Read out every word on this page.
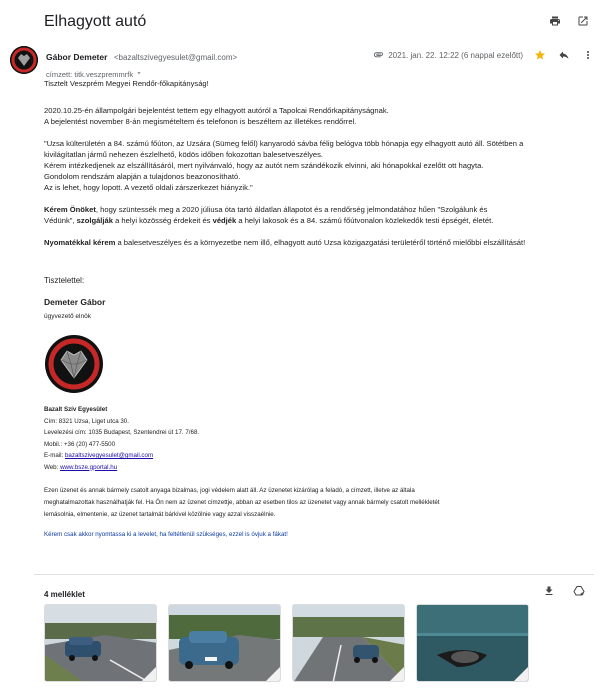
Elhagyott autó
Gábor Demeter <bazaltszivegyesulet@gmail.com>
címzett: titk.veszpremmrfk
2021. jan. 22. 12:22 (6 nappal ezelőtt)

Tisztelt Veszprém Megyei Rendőr-főkapitányság!

2020.10.25-én állampolgári bejelentést tettem egy elhagyott autóról a Tapolcai Rendőrkapitányságnak.

A bejelentést november 8-án megismételtem és telefonon is beszéltem az illetékes rendőrrel.

"Uzsa külterületén a 84. számú főúton, az Uzsára (Sümeg felől) kanyarodó sávba félig belógva több hónapja egy elhagyott autó áll. Sötétben a

kivilágítatlan jármű nehezen észlelhető, ködös időben fokozottan balesetveszélyes.

Kérem intézkedjenek az elszállításáról, mert nyilvánvaló, hogy az autót nem szándékozik elvinni, aki hónapokkal ezelőtt ott hagyta.

Gondolom rendszám alapján a tulajdonos beazonosítható.

Az is lehet, hogy lopott. A vezető oldali zárszerkezet hiányzik."

Kérem Önöket, hogy szüntessék meg a 2020 júliusa óta tartó áldatlan állapotot és a rendőrség jelmondatához hűen "Szolgálunk és

Védünk", szolgálják a helyi közösség érdekeit és védjék a helyi lakosok és a 84. számú főútvonalon közlekedők testi épségét, életét.

Nyomatékkal kérem a balesetveszélyes és a környezetbe nem illő, elhagyott autó Uzsa közigazgatási területéről történő mielőbbi elszállítását!

Tisztelettel:

Demeter Gábor
ügyvezető elnök
Bazalt Szív Egyesület
Cím: 8321 Uzsa, Liget utca 30.
Levelezési cím: 1035 Budapest, Szentendrei út 17. 7/68.
Mobil.: +36 (20) 477-5500
E-mail: bazaltszivegyesulet@gmail.com
Web: www.bsze.gportal.hu
Ezen üzenet és annak bármely csatolt anyaga bizalmas, jogi védelem alatt áll. Az üzenetet kizárólag a feladó, a címzett, illetve az általa
meghatalmazottak használhatják fel. Ha Ön nem az üzenet címzettje, abban az esetben tilos az üzenetet vagy annak bármely csatolt mellékletét
lemásolnia, elmentenie, az üzenet tartalmát bárkivel közölnie vagy azzal visszaélnie.
Kérem csak akkor nyomtassa ki a levelet, ha feltétlenül szükséges, ezzel is óvjuk a fákat!
4 melléklet
